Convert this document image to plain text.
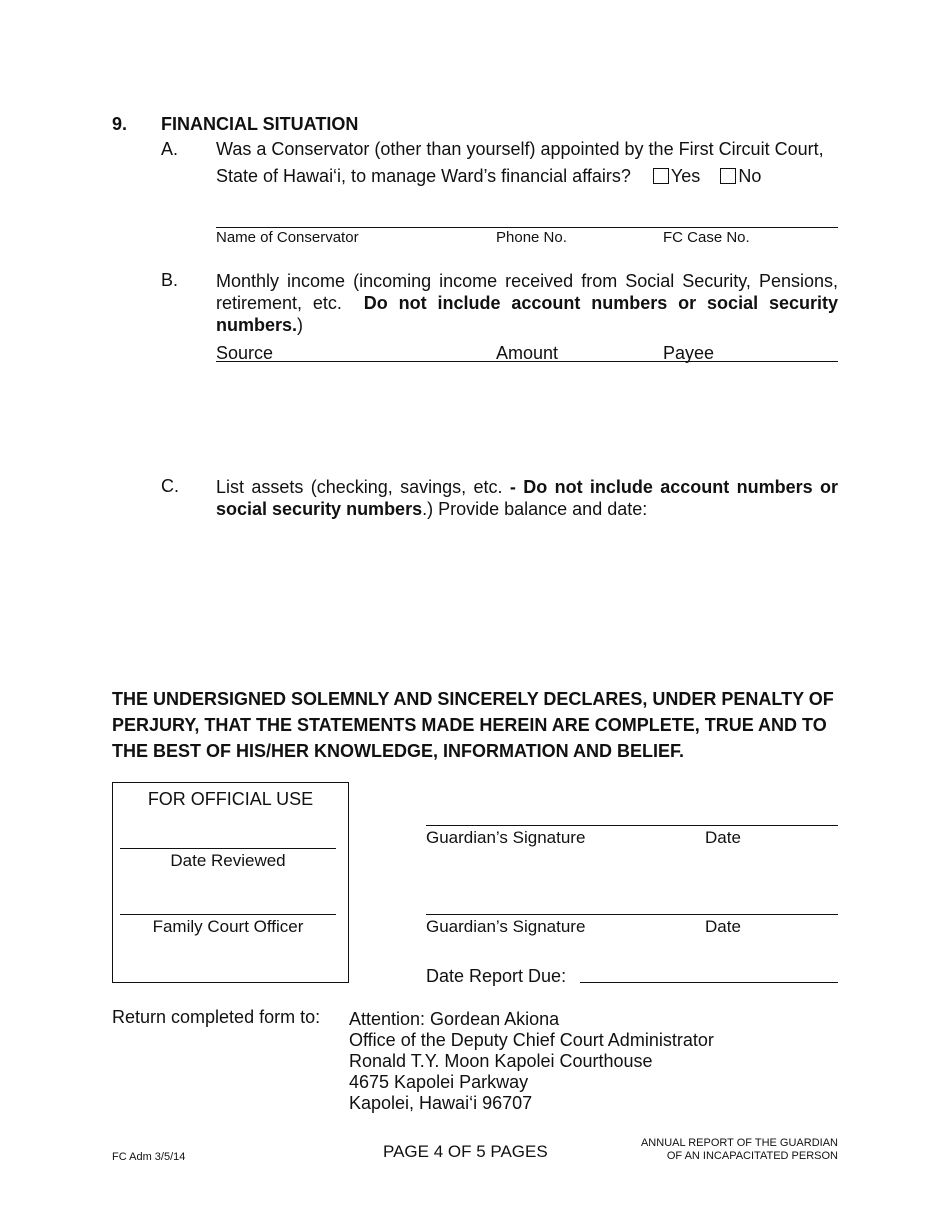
9. FINANCIAL SITUATION
A. Was a Conservator (other than yourself) appointed by the First Circuit Court,
State of Hawai‘i, to manage Ward’s financial affairs? Yes No
Name of Conservator	Phone No.	FC Case No.
B. Monthly income (incoming income received from Social Security, Pensions, retirement, etc. Do not include account numbers or social security numbers.)
Source	Amount	Payee
C. List assets (checking, savings, etc. - Do not include account numbers or social security numbers.) Provide balance and date:
THE UNDERSIGNED SOLEMNLY AND SINCERELY DECLARES, UNDER PENALTY OF PERJURY, THAT THE STATEMENTS MADE HEREIN ARE COMPLETE, TRUE AND TO THE BEST OF HIS/HER KNOWLEDGE, INFORMATION AND BELIEF.
FOR OFFICIAL USE
Date Reviewed
Family Court Officer
Guardian’s Signature	Date
Guardian’s Signature	Date
Date Report Due:
Return completed form to: Attention: Gordean Akiona
Office of the Deputy Chief Court Administrator
Ronald T.Y. Moon Kapolei Courthouse
4675 Kapolei Parkway
Kapolei, Hawai‘i 96707
FC Adm 3/5/14	PAGE 4 OF 5 PAGES	ANNUAL REPORT OF THE GUARDIAN
OF AN INCAPACITATED PERSON
